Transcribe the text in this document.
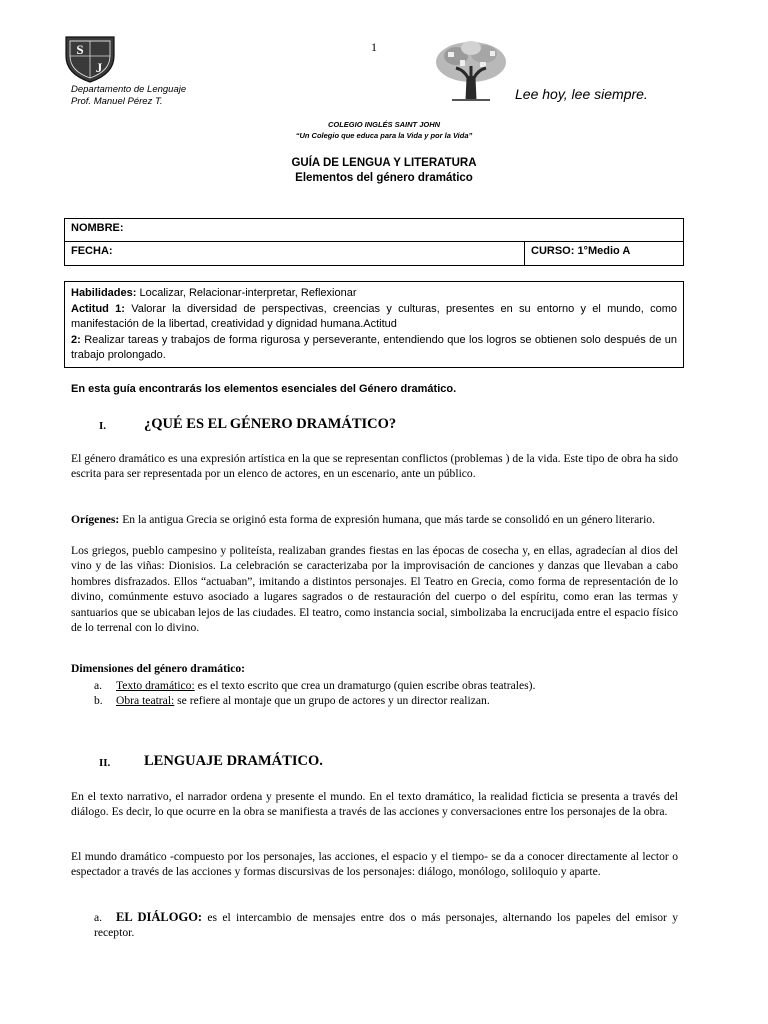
1
S
J
Departamento de Lenguaje
Prof. Manuel Pérez T.	Lee hoy, lee siempre.
COLEGIO INGLÉS SAINT JOHN
“Un Colegio que educa para la Vida y por la Vida”
GUÍA DE LENGUA Y LITERATURA
Elementos del género dramático
NOMBRE:
FECHA:	CURSO: 1°Medio A
Habilidades: Localizar, Relacionar-interpretar, Reflexionar
Actitud 1: Valorar la diversidad de perspectivas, creencias y culturas, presentes en su entorno y el mundo, como manifestación de la libertad, creatividad y dignidad humana.Actitud
2: Realizar tareas y trabajos de forma rigurosa y perseverante, entendiendo que los logros se obtienen solo después de un trabajo prolongado.
En esta guía encontrarás los elementos esenciales del Género dramático.
I.	¿QUÉ ES EL GÉNERO DRAMÁTICO?
El género dramático es una expresión artística en la que se representan conflictos (problemas ) de la vida. Este tipo de obra ha sido escrita para ser representada por un elenco de actores, en un escenario, ante un público.
Orígenes: En la antigua Grecia se originó esta forma de expresión humana, que más tarde se consolidó en un género literario.
Los griegos, pueblo campesino y politeísta, realizaban grandes fiestas en las épocas de cosecha y, en ellas, agradecían al dios del vino y de las viñas: Dionisios. La celebración se caracterizaba por la improvisación de canciones y danzas que llevaban a cabo hombres disfrazados. Ellos “actuaban”, imitando a distintos personajes. El Teatro en Grecia, como forma de representación de lo divino, comúnmente estuvo asociado a lugares sagrados o de restauración del cuerpo o del espíritu, como eran las termas y santuarios que se ubicaban lejos de las ciudades. El teatro, como instancia social, simbolizaba la encrucijada entre el espacio físico de lo terrenal con lo divino.
Dimensiones del género dramático:
a. Texto dramático: es el texto escrito que crea un dramaturgo (quien escribe obras teatrales).
b. Obra teatral: se refiere al montaje que un grupo de actores y un director realizan.
II. LENGUAJE DRAMÁTICO.
En el texto narrativo, el narrador ordena y presente el mundo. En el texto dramático, la realidad ficticia se presenta a través del diálogo. Es decir, lo que ocurre en la obra se manifiesta a través de las acciones y conversaciones entre los personajes de la obra.
El mundo dramático -compuesto por los personajes, las acciones, el espacio y el tiempo- se da a conocer directamente al lector o espectador a través de las acciones y formas discursivas de los personajes: diálogo, monólogo, soliloquio y aparte.
a. EL DIÁLOGO: es el intercambio de mensajes entre dos o más personajes, alternando los papeles del emisor y receptor.
